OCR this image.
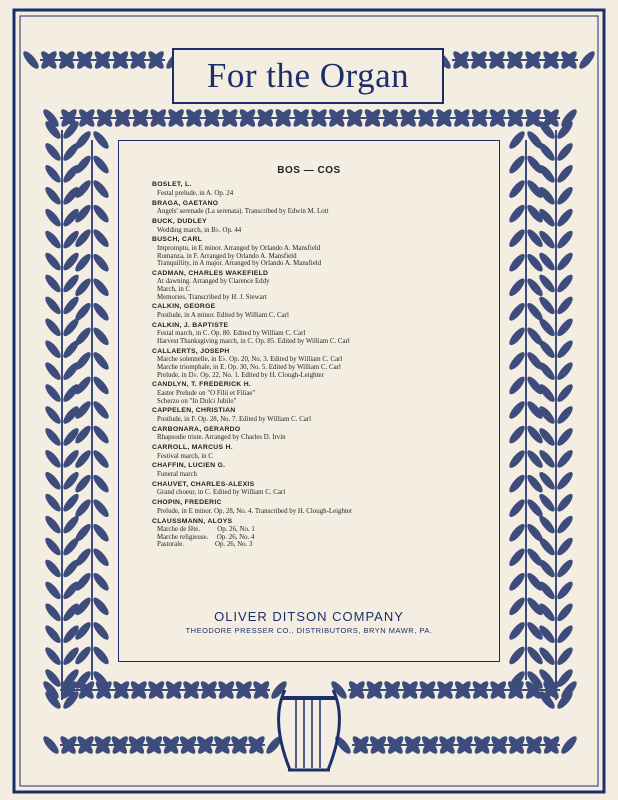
For the Organ
BOS — COS
BOSLET, L.
Festal prelude, in A. Op. 24
BRAGA, GAETANO
Angels' serenade (La serenata). Transcribed by Edwin M. Lott
BUCK, DUDLEY
Wedding march, in B♭. Op. 44
BUSCH, CARL
Impromptu, in E minor. Arranged by Orlando A. Mansfield
Romanza, in F. Arranged by Orlando A. Mansfield
Tranquillity, in A major. Arranged by Orlando A. Mansfield
CADMAN, CHARLES WAKEFIELD
At dawning. Arranged by Clarence Eddy
March, in C
Memories. Transcribed by H. J. Stewart
CALKIN, GEORGE
Postlude, in A minor. Edited by William C. Carl
CALKIN, J. BAPTISTE
Festal march, in C. Op. 80. Edited by William C. Carl
Harvest Thanksgiving march, in C. Op. 85. Edited by William C. Carl
CALLAERTS, JOSEPH
Marche solennelle, in E♭. Op. 20, No. 3. Edited by William C. Carl
Marche triomphale, in E. Op. 30, No. 5. Edited by William C. Carl
Prelude, in D♭. Op. 22, No. 1. Edited by H. Clough-Leighter
CANDLYN, T. FREDERICK H.
Easter Prelude on "O Filii et Filiae"
Scherzo on "In Dulci Jubilo"
CAPPELEN, CHRISTIAN
Postlude, in F. Op. 28, No. 7. Edited by William C. Carl
CARBONARA, GERARDO
Rhapsodie triste. Arranged by Charles D. Irvin
CARROLL, MARCUS H.
Festival march, in C
CHAFFIN, LUCIEN G.
Funeral march
CHAUVET, CHARLES-ALEXIS
Grand choeur, in C. Edited by William C. Carl
CHOPIN, FREDERIC
Prelude, in E minor. Op. 28, No. 4. Transcribed by H. Clough-Leighter
CLAUSSMANN, ALOYS
Marche de fête.          Op. 26, No. 1
Marche religieuse.     Op. 26, No. 4
Pastorale.                  Op. 26, No. 3
OLIVER DITSON COMPANY
THEODORE PRESSER CO., DISTRIBUTORS, BRYN MAWR, PA.
